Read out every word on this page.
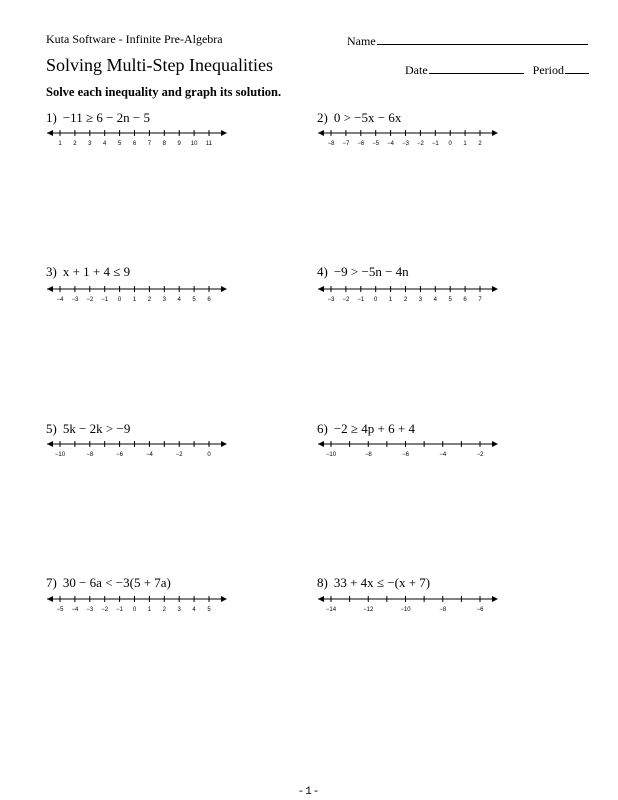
Kuta Software - Infinite Pre-Algebra	Name
Solving Multi-Step Inequalities	Date	Period
Solve each inequality and graph its solution.
1) −11 ≥ 6 − 2n − 5
1 2 3 4 5 6 7 8 9 10 11
2) 0 > −5x − 6x
−8 −7 −6 −5 −4 −3 −2 −1 0 1 2
3) x + 1 + 4 ≤ 9
−4 −3 −2 −1 0 1 2 3 4 5 6
4) −9 > −5n − 4n
−3 −2 −1 0 1 2 3 4 5 6 7
5) 5k − 2k > −9
−10	−8	−6	−4	−2	0
6) −2 ≥ 4p + 6 + 4
−10	−8	−6	−4	−2
7) 30 − 6a < −3(5 + 7a)
−5 −4 −3 −2 −1 0 1 2 3 4 5
8) 33 + 4x ≤ −(x + 7)
−14	−12	−10	−8	−6
-1-
